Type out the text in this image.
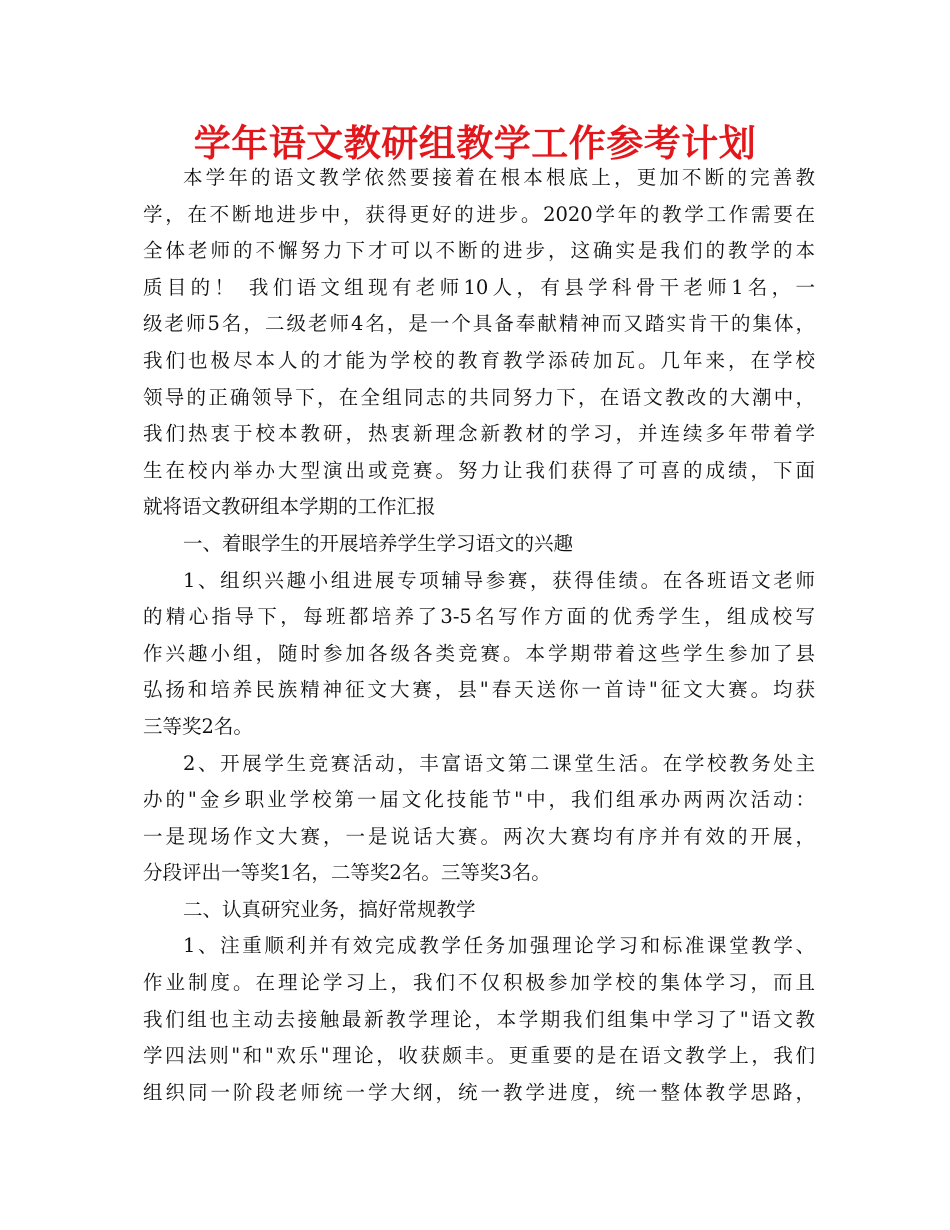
学年语文教研组教学工作参考计划
本学年的语文教学依然要接着在根本根底上，更加不断的完善教
学，在不断地进步中，获得更好的进步。2020学年的教学工作需要在
全体老师的不懈努力下才可以不断的进步，这确实是我们的教学的本
质目的！ 我们语文组现有老师10人，有县学科骨干老师1名，一
级老师5名，二级老师4名，是一个具备奉献精神而又踏实肯干的集体，
我们也极尽本人的才能为学校的教育教学添砖加瓦。几年来，在学校
领导的正确领导下，在全组同志的共同努力下，在语文教改的大潮中，
我们热衷于校本教研，热衷新理念新教材的学习，并连续多年带着学
生在校内举办大型演出或竞赛。努力让我们获得了可喜的成绩，下面
就将语文教研组本学期的工作汇报
一、着眼学生的开展培养学生学习语文的兴趣
1、组织兴趣小组进展专项辅导参赛，获得佳绩。在各班语文老师
的精心指导下，每班都培养了3-5名写作方面的优秀学生，组成校写
作兴趣小组，随时参加各级各类竞赛。本学期带着这些学生参加了县
弘扬和培养民族精神征文大赛，县"春天送你一首诗"征文大赛。均获
三等奖2名。
2、开展学生竞赛活动，丰富语文第二课堂生活。在学校教务处主
办的"金乡职业学校第一届文化技能节"中，我们组承办两两次活动：
一是现场作文大赛，一是说话大赛。两次大赛均有序并有效的开展，
分段评出一等奖1名，二等奖2名。三等奖3名。
二、认真研究业务，搞好常规教学
1、注重顺利并有效完成教学任务加强理论学习和标准课堂教学、
作业制度。在理论学习上，我们不仅积极参加学校的集体学习，而且
我们组也主动去接触最新教学理论，本学期我们组集中学习了"语文教
学四法则"和"欢乐"理论，收获颇丰。更重要的是在语文教学上，我们
组织同一阶段老师统一学大纲，统一教学进度，统一整体教学思路，
